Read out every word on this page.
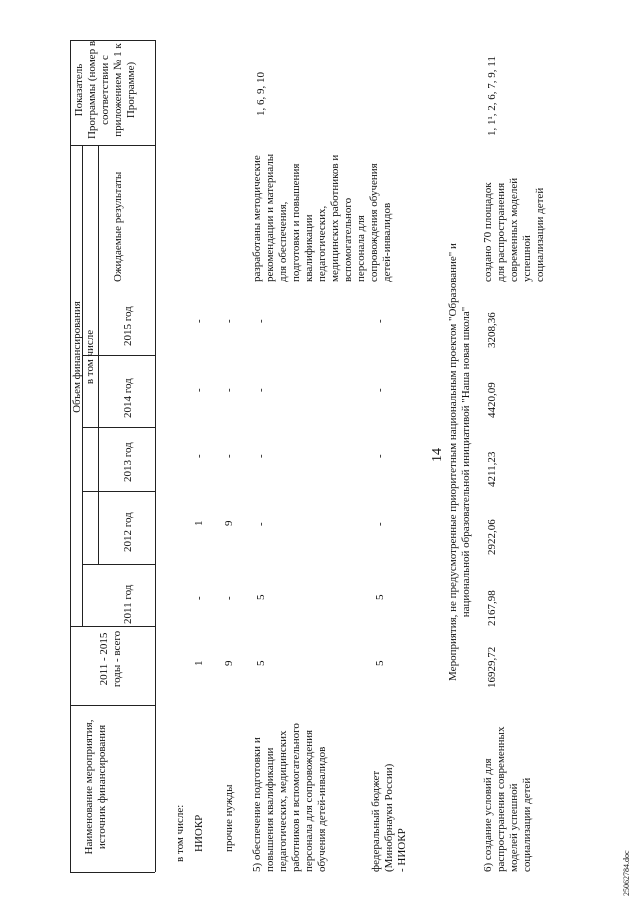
14
25062784.doc
Наименование мероприятия, источник финансирования
2011 - 2015 годы - всего
Объем финансирования в том числе
2011 год
2012 год
2013 год
2014 год
2015 год
Ожидаемые результаты
Показатель Программы (номер в соответствии с приложением № 1 к Программе)
в том числе: НИОКР
1
-
1
-
-
-
прочие нужды
9
-
9
-
-
-
5) обеспечение подготовки и повышения квалификации педагогических, медицинских работников и вспомогательного персонала для сопровождения обучения детей-инвалидов
5
5
-
-
-
-
разработаны методические рекомендации и материалы для обеспечения, подготовки и повышения квалификации педагогических, медицинских работников и вспомогательного персонала для сопровождения обучения детей-инвалидов
1, 6, 9, 10
федеральный бюджет (Минобрнауки России) - НИОКР
5
5
-
-
-
-	Мероприятия, не предусмотренные приоритетным национальным проектом "Образование" и национальной образовательной инициативой "Наша новая школа"
6) создание условий для распространения современных моделей успешной социализации детей
16929,72
2167,98
2922,06
4211,23
4420,09
3208,36
создано 70 площадок для распространения современных моделей успешной социализации детей
1, 1¹, 2, 6, 7, 9, 11
